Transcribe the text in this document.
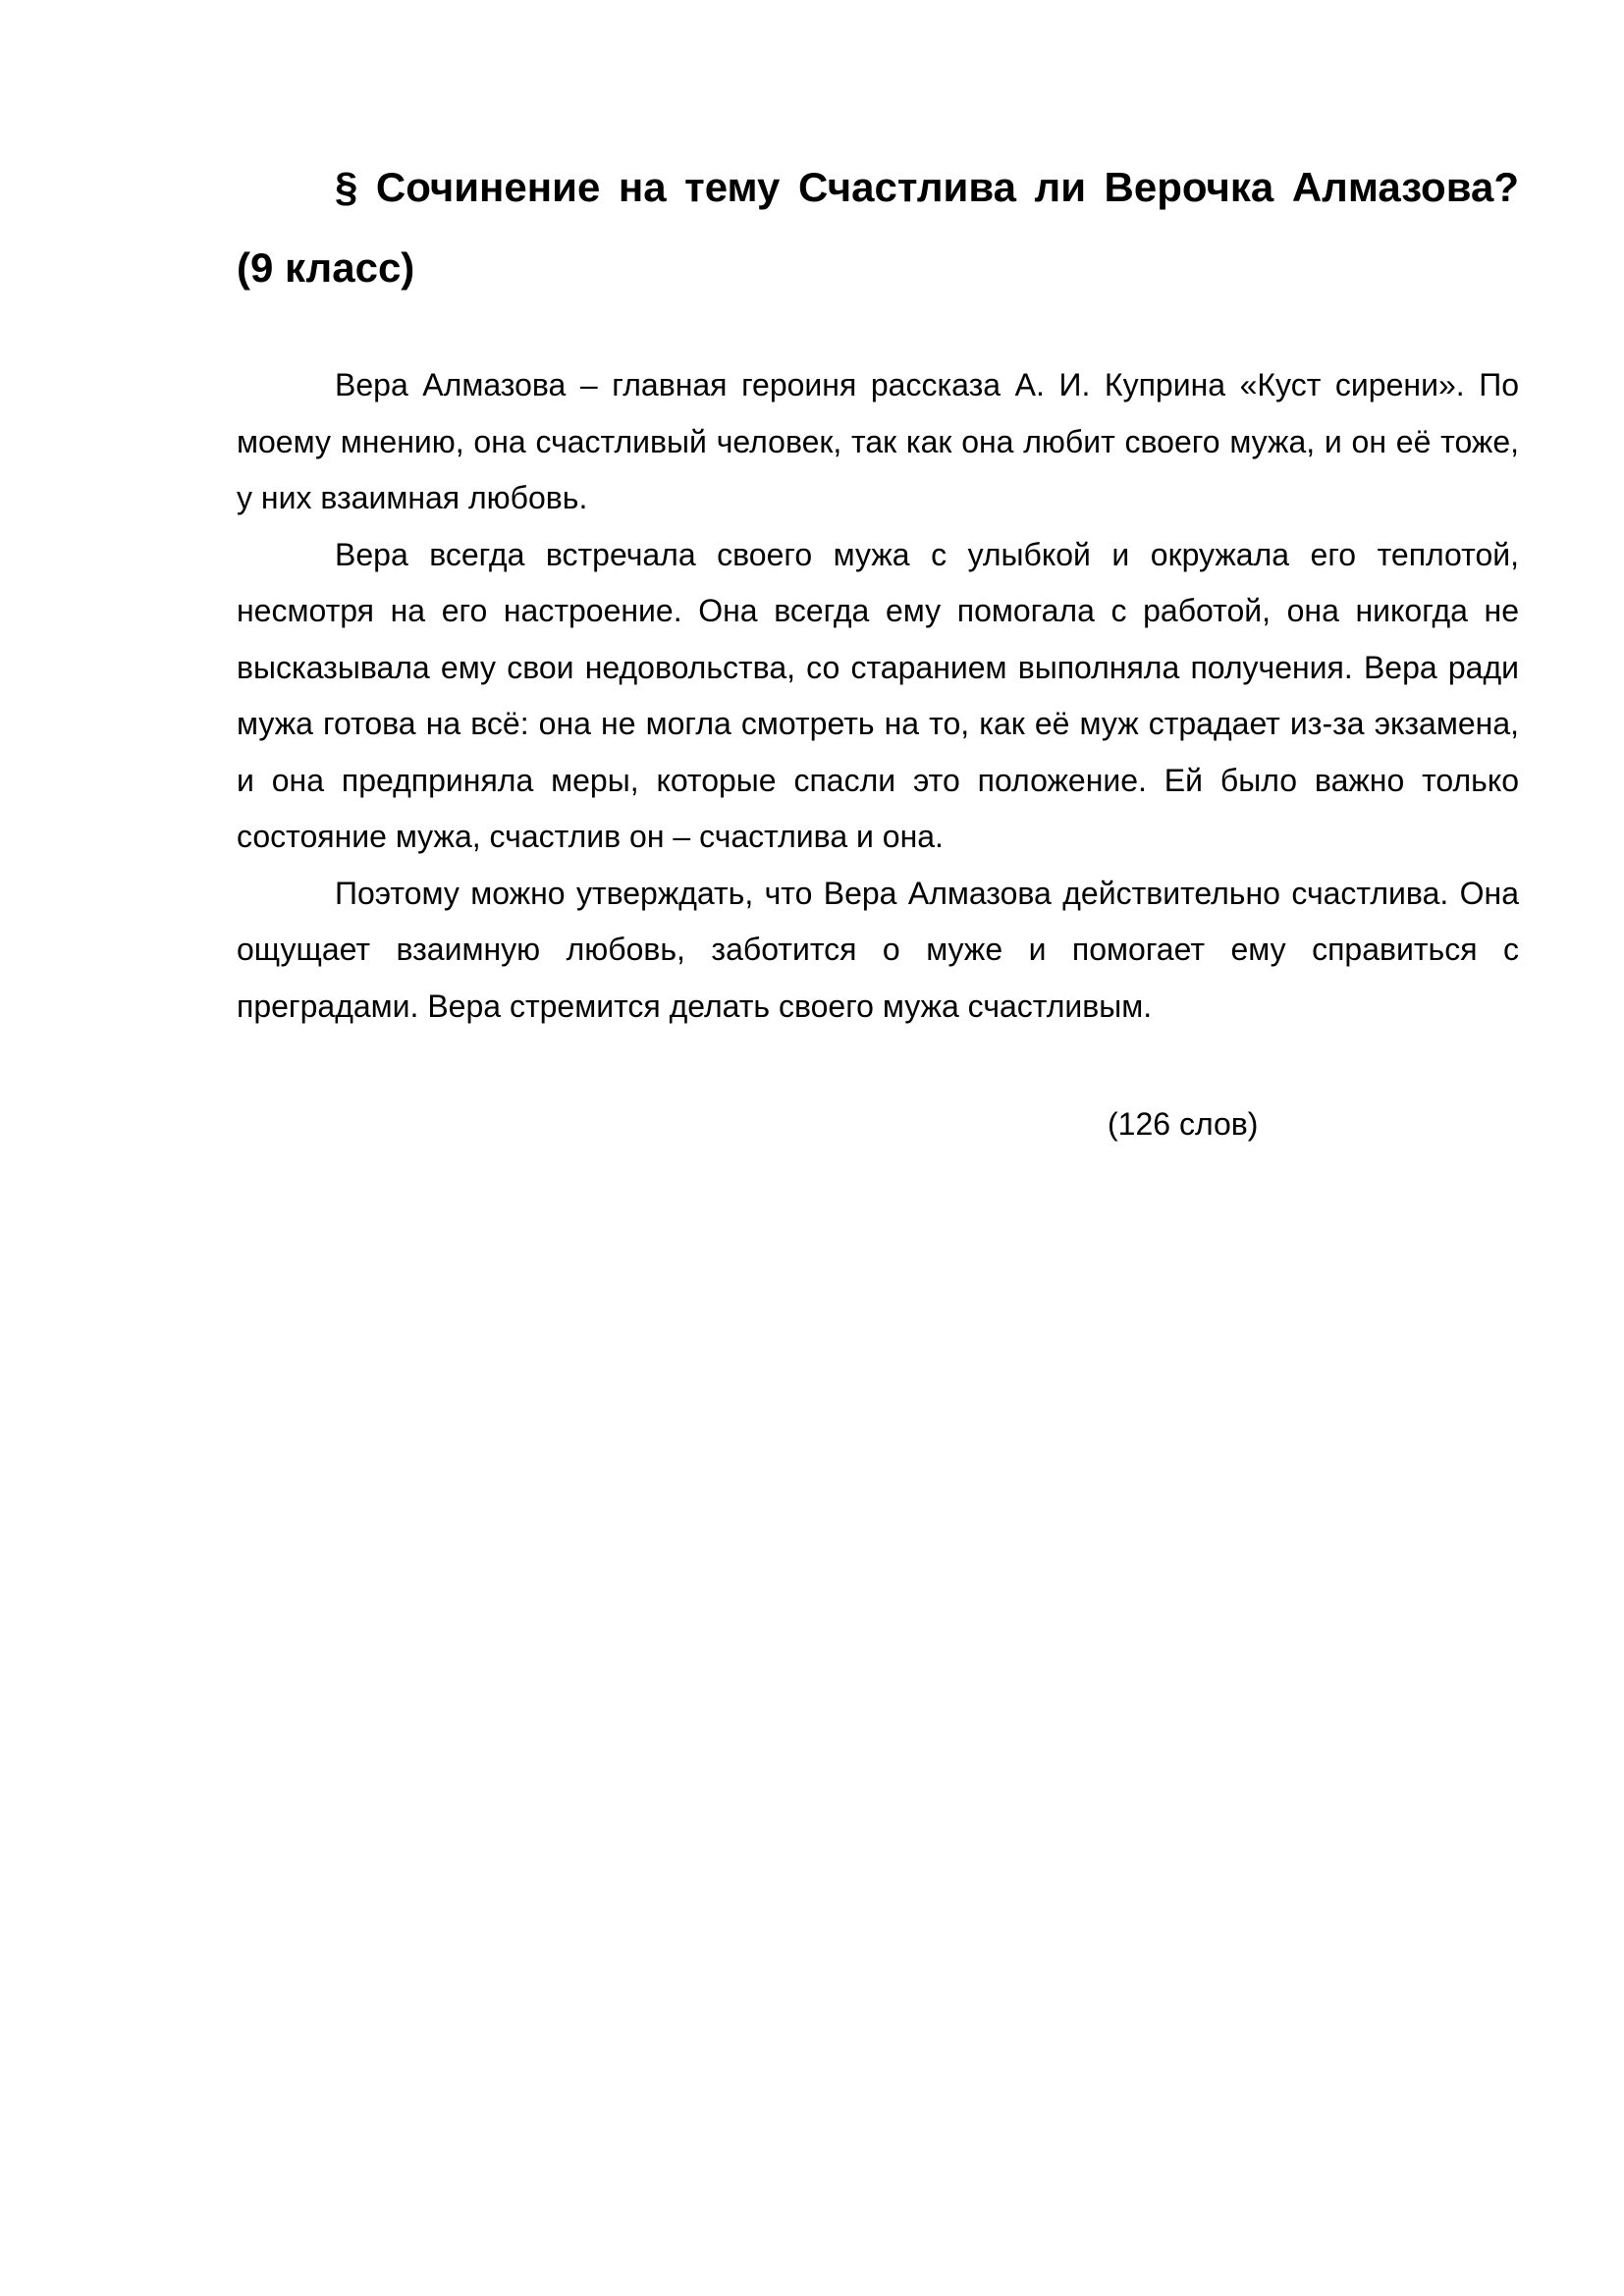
§ Сочинение на тему Счастлива ли Верочка Алмазова? (9 класс)

Вера Алмазова – главная героиня рассказа А. И. Куприна «Куст сирени». По моему мнению, она счастливый человек, так как она любит своего мужа, и он её тоже, у них взаимная любовь.

Вера всегда встречала своего мужа с улыбкой и окружала его теплотой, несмотря на его настроение. Она всегда ему помогала с работой, она никогда не высказывала ему свои недовольства, со старанием выполняла получения. Вера ради мужа готова на всё: она не могла смотреть на то, как её муж страдает из-за экзамена, и она предприняла меры, которые спасли это положение. Ей было важно только состояние мужа, счастлив он – счастлива и она.

Поэтому можно утверждать, что Вера Алмазова действительно счастлива. Она ощущает взаимную любовь, заботится о муже и помогает ему справиться с преградами. Вера стремится делать своего мужа счастливым.

(126 слов)
